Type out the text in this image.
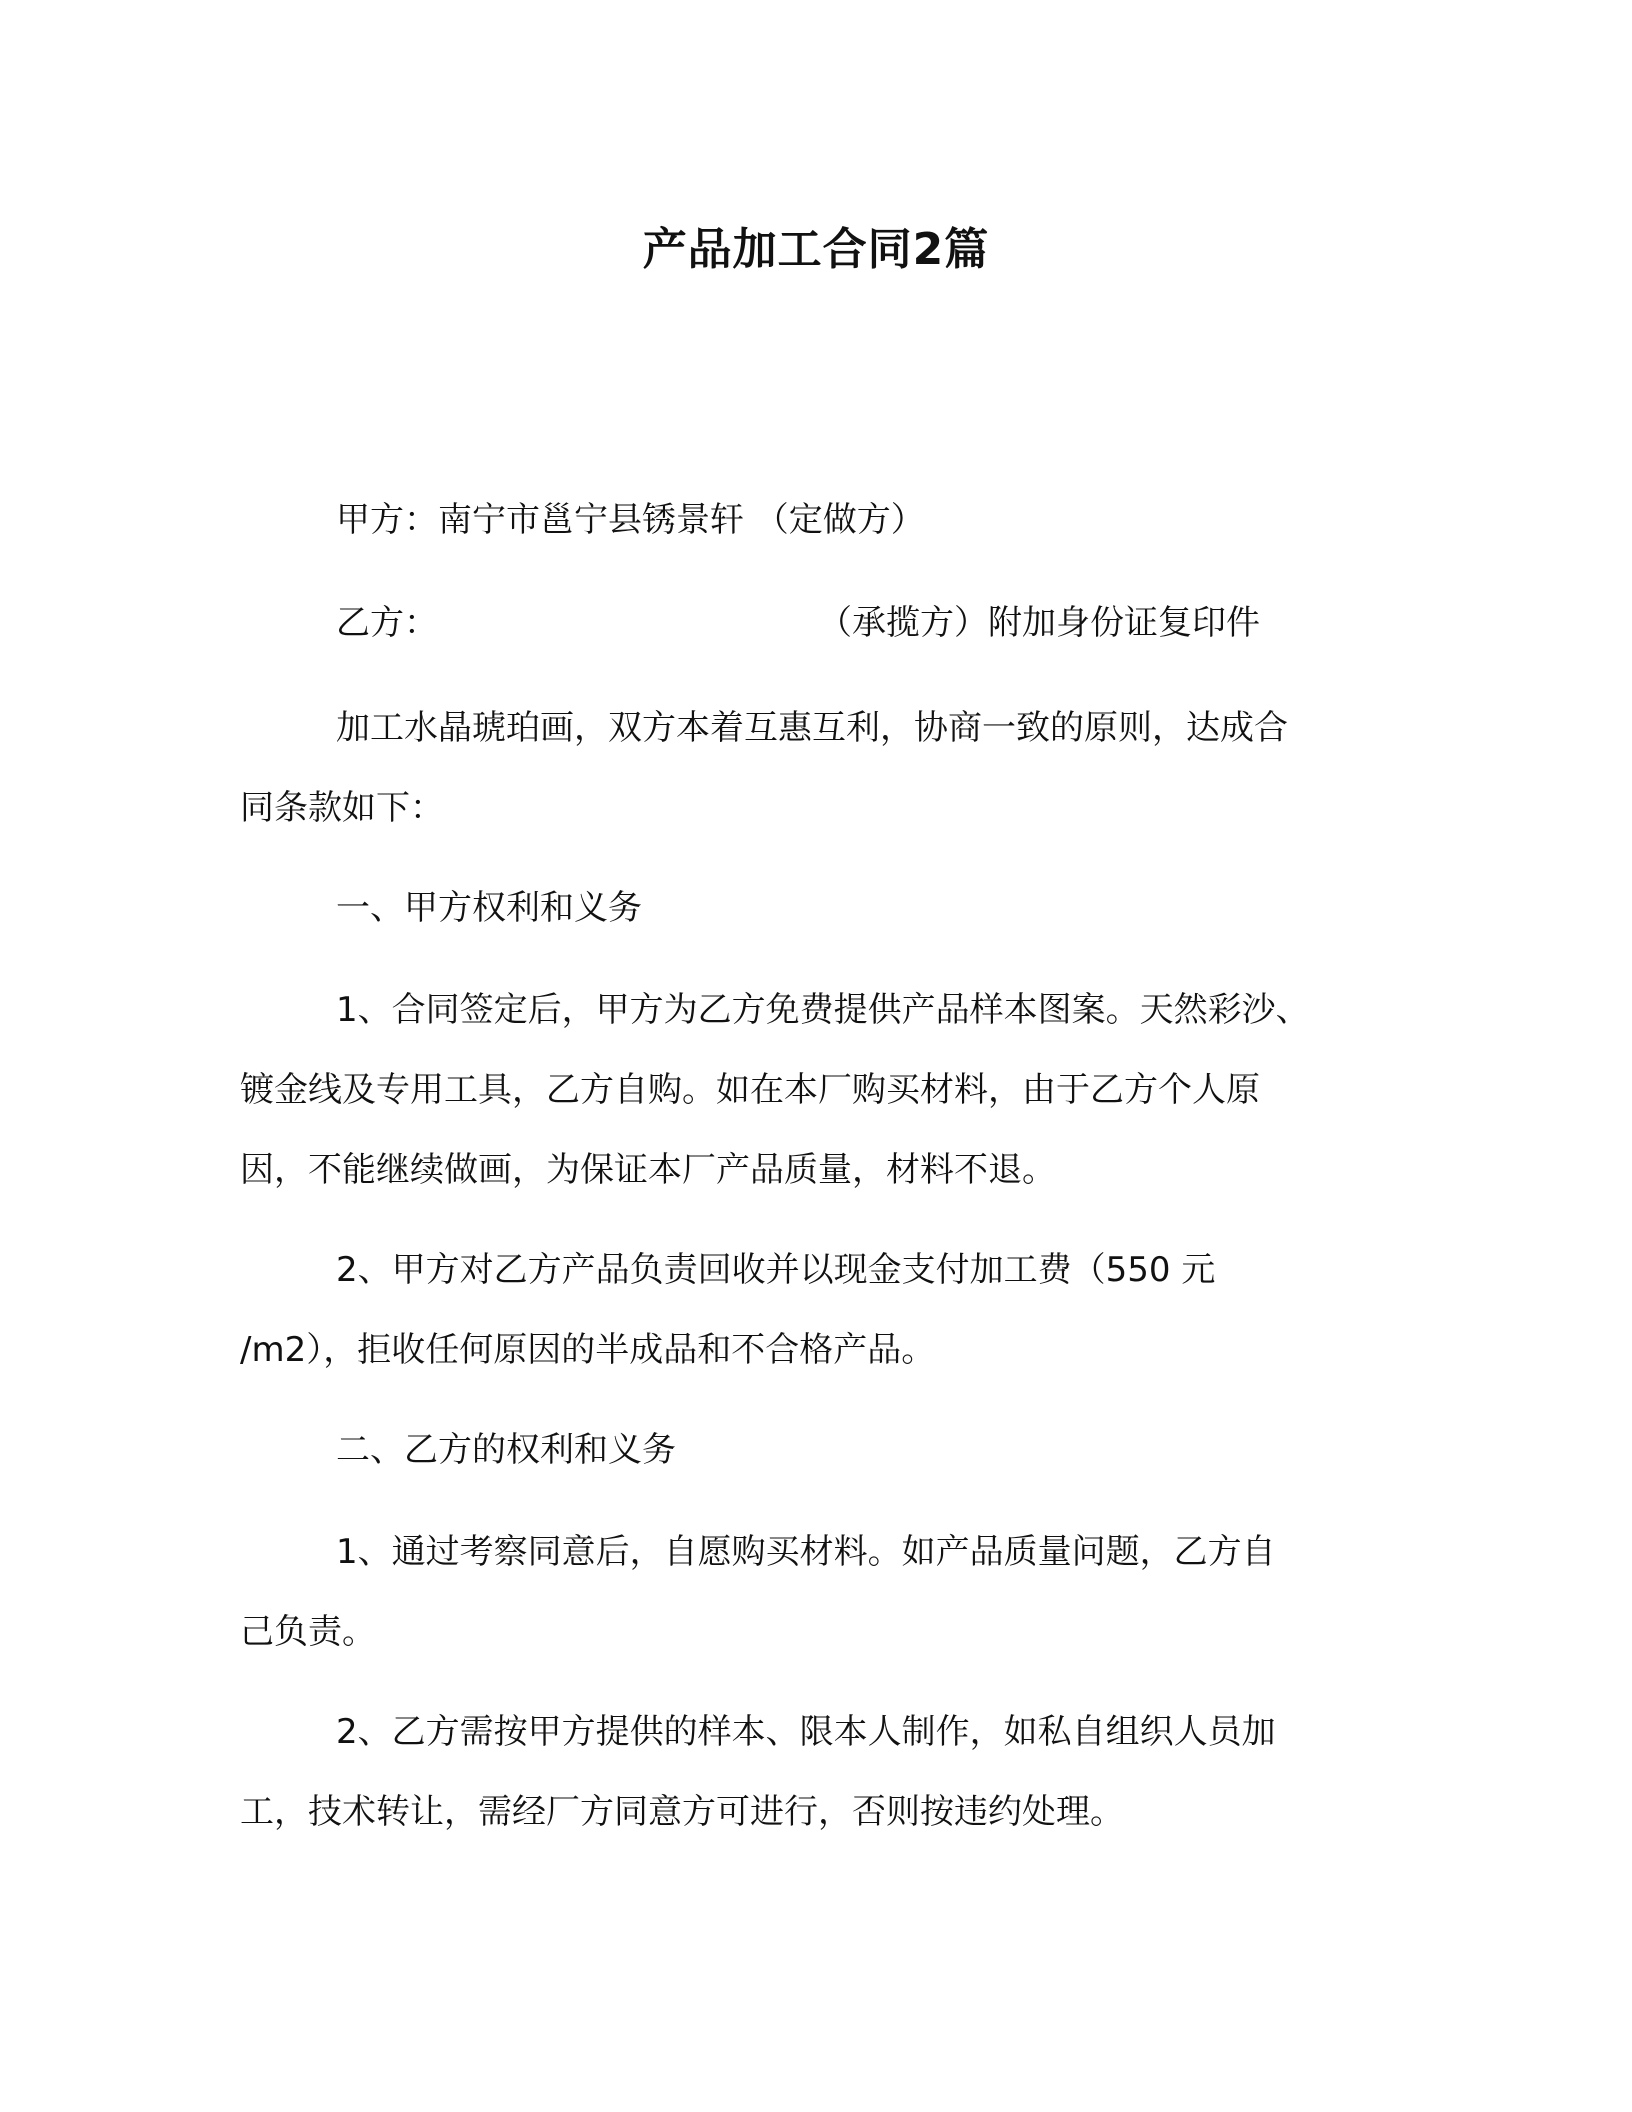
产品加工合同2篇
甲方：南宁市邕宁县锈景轩 （定做方）
乙方：	（承揽方）附加身份证复印件
加工水晶琥珀画，双方本着互惠互利，协商一致的原则，达成合
同条款如下：
一、甲方权利和义务
1、合同签定后，甲方为乙方免费提供产品样本图案。天然彩沙、
镀金线及专用工具，乙方自购。如在本厂购买材料，由于乙方个人原
因，不能继续做画，为保证本厂产品质量，材料不退。
2、甲方对乙方产品负责回收并以现金支付加工费（550 元
/m2），拒收任何原因的半成品和不合格产品。
二、乙方的权利和义务
1、通过考察同意后，自愿购买材料。如产品质量问题，乙方自
己负责。
2、乙方需按甲方提供的样本、限本人制作，如私自组织人员加
工，技术转让，需经厂方同意方可进行，否则按违约处理。
